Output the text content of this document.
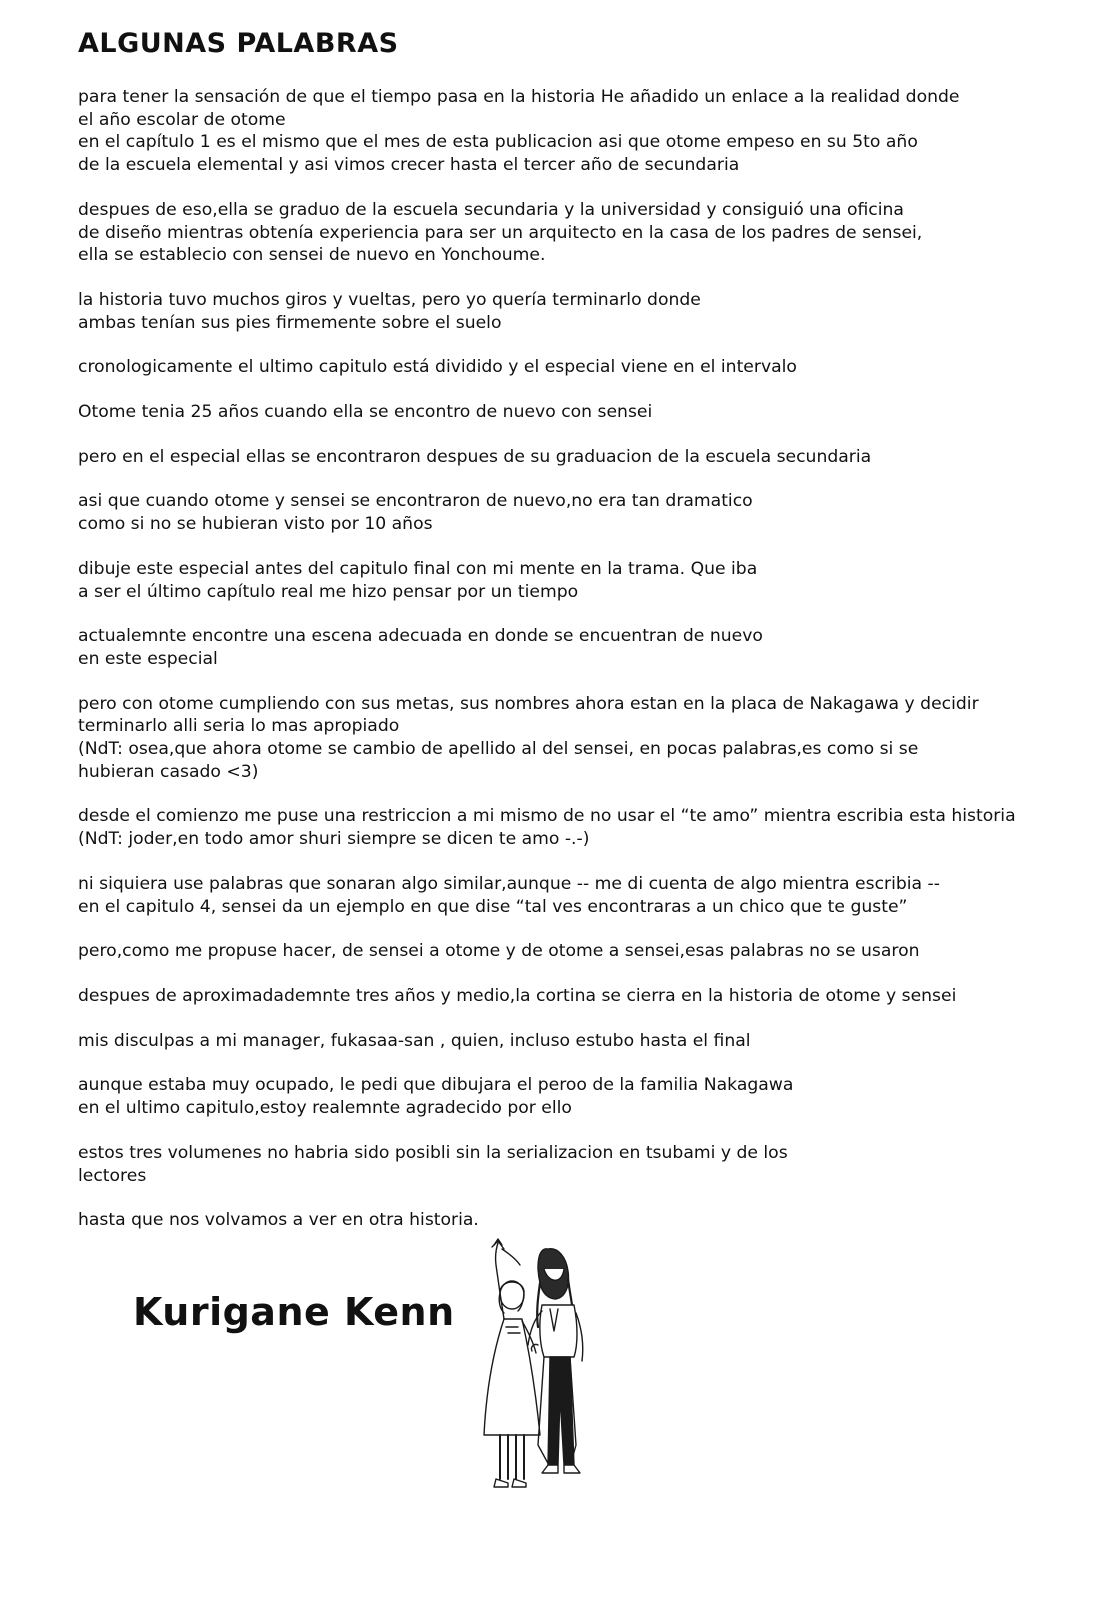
ALGUNAS PALABRAS
para tener la sensación de que el tiempo pasa en la historia He añadido un enlace a la realidad donde
el año escolar de otome
en el capítulo 1 es el mismo que el mes de esta publicacion asi que otome empeso en su 5to año
de la escuela elemental y asi vimos crecer hasta el tercer año de secundaria
despues de eso,ella se graduo de la escuela secundaria y la universidad y consiguió una oficina
de diseño mientras obtenía experiencia para ser un arquitecto en la casa de los padres de sensei,
ella se establecio con sensei de nuevo en Yonchoume.
la historia tuvo muchos giros y vueltas, pero yo quería terminarlo donde
ambas tenían sus pies firmemente sobre el suelo
cronologicamente el ultimo capitulo está dividido y el especial viene en el intervalo
Otome tenia 25 años cuando ella se encontro de nuevo con sensei
pero en el especial ellas se encontraron despues de su graduacion de la escuela secundaria
asi que cuando otome y sensei se encontraron de nuevo,no era tan dramatico
como si no se hubieran visto por 10 años
dibuje este especial antes del capitulo final con mi mente en la trama. Que iba
a ser el último capítulo real me hizo pensar por un tiempo
actualemnte encontre una escena adecuada en donde se encuentran de nuevo
en este especial
pero con otome cumpliendo con sus metas, sus nombres ahora estan en la placa de Nakagawa y decidir
terminarlo alli seria lo mas apropiado
(NdT: osea,que ahora otome se cambio de apellido al del sensei, en pocas palabras,es como si se
hubieran casado <3)
desde el comienzo me puse una restriccion a mi mismo de no usar el “te amo” mientra escribia esta historia
(NdT: joder,en todo amor shuri siempre se dicen te amo -.-)
ni siquiera use palabras que sonaran algo similar,aunque -- me di cuenta de algo mientra escribia --
en el capitulo 4, sensei da un ejemplo en que dise “tal ves encontraras a un chico que te guste”
pero,como me propuse hacer, de sensei a otome y de otome a sensei,esas palabras no se usaron
despues de aproximadademnte tres años y medio,la cortina se cierra en la historia de otome y sensei
mis disculpas a mi manager, fukasaa-san , quien, incluso estubo hasta el final
aunque estaba muy ocupado, le pedi que dibujara el peroo de la familia Nakagawa
en el ultimo capitulo,estoy realemnte agradecido por ello
estos tres volumenes no habria sido posibli sin la serializacion en tsubami y de los
lectores
hasta que nos volvamos a ver en otra historia.
Kurigane Kenn
